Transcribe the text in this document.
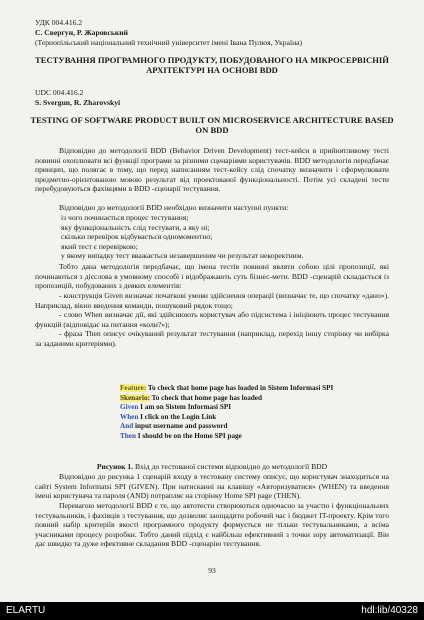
УДК 004.416.2

С. Свергун, Р. Жаровський

(Тернопільський національний технічний університет імені Івана Пулюя, Україна)

ТЕСТУВАННЯ ПРОГРАМНОГО ПРОДУКТУ, ПОБУДОВАНОГО НА МІКРОСЕРВІСНІЙ АРХІТЕКТУРІ НА ОСНОВІ BDD

UDC 004.416.2

S. Svergun, R. Zharovskyi

TESTING OF SOFTWARE PRODUCT BUILT ON MICROSERVICE ARCHITECTURE BASED ON BDD

Відповідно до методології BDD (Behavior Driven Development) тест-кейси в прийнятливому тесті повинні охоплювати всі функції програми за різними сценаріями користувачів. BDD методологія передбачає принцип, що полягає в тому, що перед написанням тест-кейсу слід спочатку визначити і сформулювати предметно-орієнтованою мовою результат від проектованої функціональності. Потім усі складені тести перебудовуються фахівцями в BDD -сценарії тестування.

Відповідно до методології BDD необхідно визначити наступні пункти:

із чого починається процес тестування;
яку функціональність слід тестувати, а яку ні;
скільки перевірок відбувається одномоментно;
який тест є перевіркою;
у якому випадку тест вважається незавершеним чи результат некоректним.

Тобто дана методологія передбачає, що імена тестів повинні являти собою цілі пропозиції, які починаються з дієслова в умовному способі і відображають суть бізнес-мети. BDD -сценарій складається із пропозицій, побудованих з деяких елементів:

- конструкція Given визначає початкові умови здійснення операції (визначає те, що спочатку «дано»). Наприклад, вікно введення команди, пошуковий рядок тощо;

- слово When визначає дії, які здійснюють користувач або підсистема і ініціюють процес тестування функцій (відповідає на питання «коли?»);

- фраза Then описує очікуваний результат тестування (наприклад, перехід іншу сторінку чи вибірка за заданими критеріями).

Feature: To check that home page has loaded in Sistem Informasi SPI
Skenario: To check that home page has loaded
Given I am on Sistem Informasi SPI
When I click on the Login Link
And input username and password
Then I should be on the Home SPI page

Рисунок 1. Вхід до тестованої системи відповідно до методології BDD

Відповідно до рисунка 1 сценарій входу в тестовану систему описує, що користувач знаходиться на сайті System Informatsi SPI (GIVEN). При натисканні на клавішу «Авторизуватися» (WHEN) та введення імені користувача та пароля (AND) потрапляє на сторінку Home SPI page (THEN).

Перевагою методології BDD є те, що автотести створюються одночасно за участю і функціональних тестувальників, і фахівців з тестування, що дозволяє заощадити робочий час і бюджет IT-проекту. Крім того повний набір критеріїв якості програмного продукту формується не тільки тестувальниками, а всіма учасниками процесу розробки. Тобто даний підхід є найбільш ефективний з точки зору автоматизації. Він дає швидко та дуже ефективне складання BDD -сценарію тестування.

93
ELARTU	hdl:lib/40328
